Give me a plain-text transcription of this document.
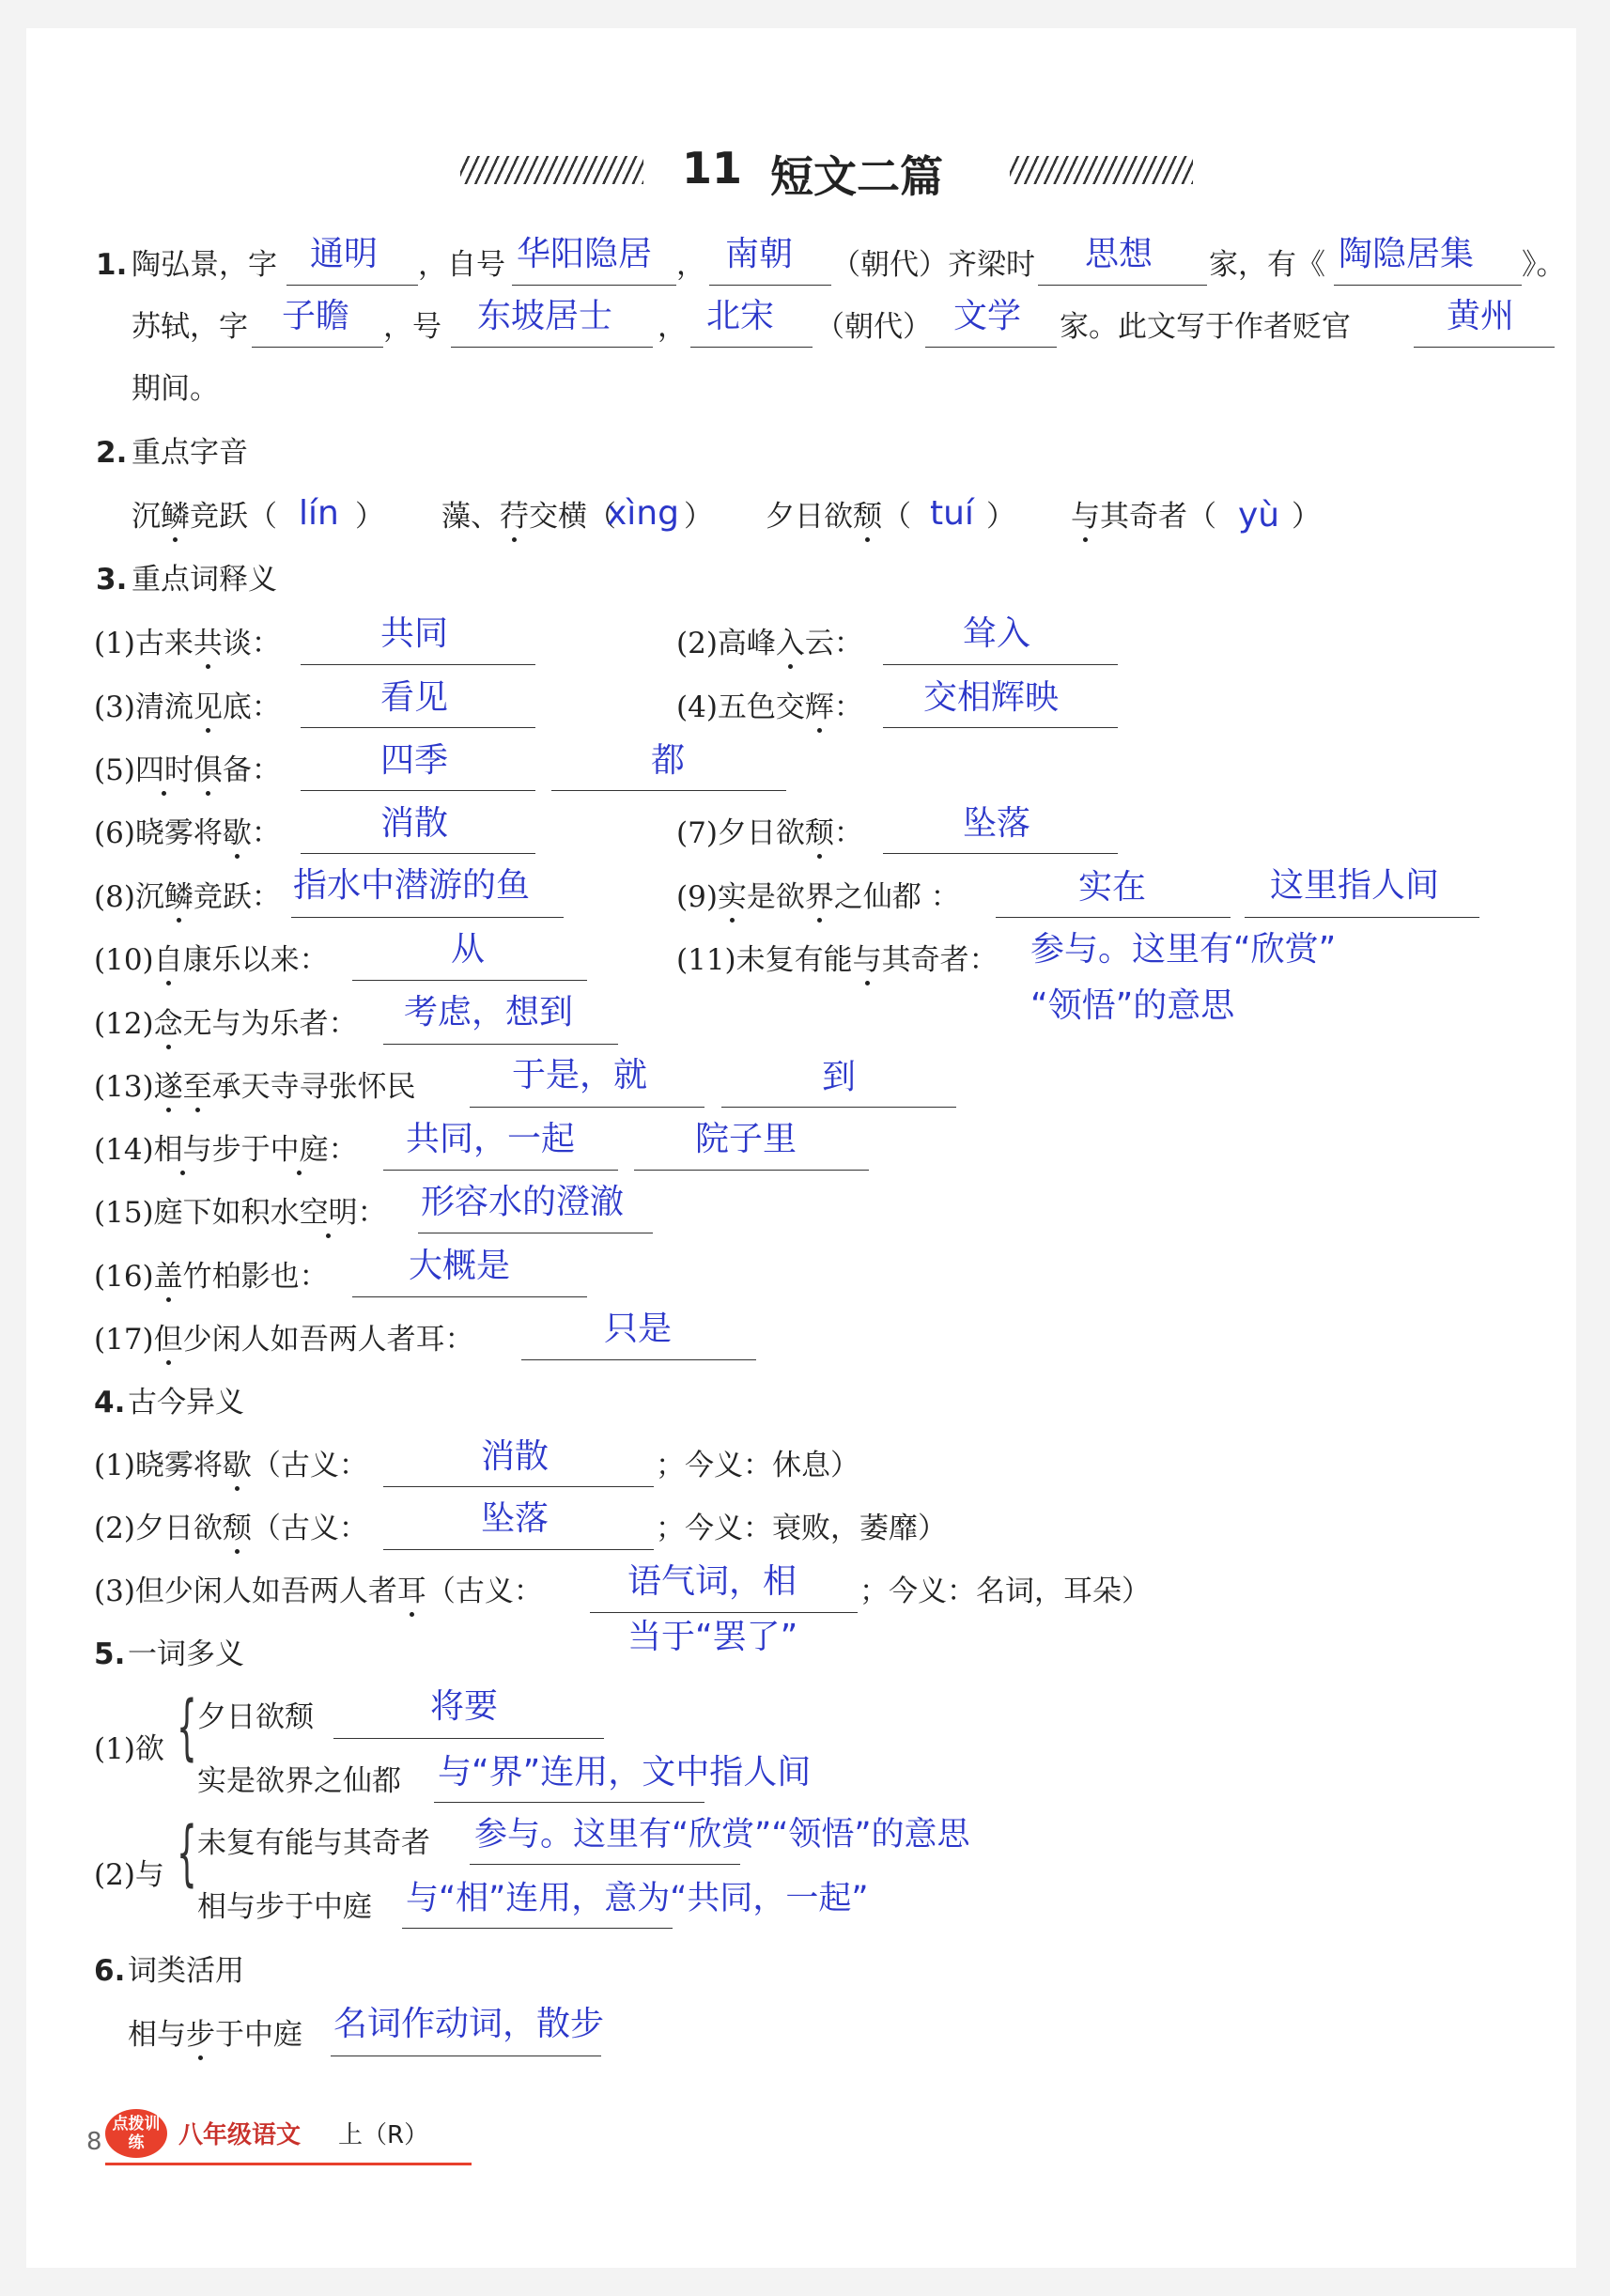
11 短文二篇
1. 陶弘景，字 通明 ，自号 华阳隐居 ， 南朝 （朝代）齐梁时 思想 家，有《 陶隐居集 》。
苏轼，字 子瞻 ，号 东坡居士 ， 北宋 （朝代） 文学 家。此文写于作者贬官	黄州
期间。
2. 重点字音
沉鳞竞跃（ lín ） 藻、荇交横（
xìng ） 夕日欲颓（ tuí ） 与其奇者（ yù ）
3. 重点词释义
(1)古来共谈：	共同	(2)高峰入云：	耸入
(3)清流见底：	看见	(4)五色交辉： 交相辉映
(5)四时俱备：	四季	都
(6)晓雾将歇：	消散	(7)夕日欲颓：	坠落
(8)沉鳞竞跃： 指水中潜游的鱼	(9)实是欲界之仙都 ：	实在	这里指人间
(10)自康乐以来：	从	(11)未复有能与其奇者： 参与。这里有“欣赏”
“领悟”的意思
(12)念无与为乐者： 考虑，想到
(13)遂至承天寺寻张怀民	于是，就	到
(14)相与步于中庭： 共同，一起	院子里
(15)庭下如积水空明： 形容水的澄澈
(16)盖竹柏影也： 大概是
(17)但少闲人如吾两人者耳：	只是
4. 古今异义
(1)晓雾将歇（古义：	消散	；今义：休息）
(2)夕日欲颓（古义：	坠落	；今义：衰败，萎靡）
(3)但少闲人如吾两人者耳（古义：	语气词，相
当于“罢了”
；今义：名词，耳朵）
5. 一词多义
(1)欲 { 夕日欲颓	将要
实是欲界之仙都 与“界”连用，文中指人间
(2)与 { 未复有能与其奇者 参与。这里有“欣赏”“领悟”的意思
相与步于中庭 与“相”连用，意为“共同，一起”
6. 词类活用
相与步于中庭 名词作动词，散步
8
点拨训练	八年级语文 上（R）
